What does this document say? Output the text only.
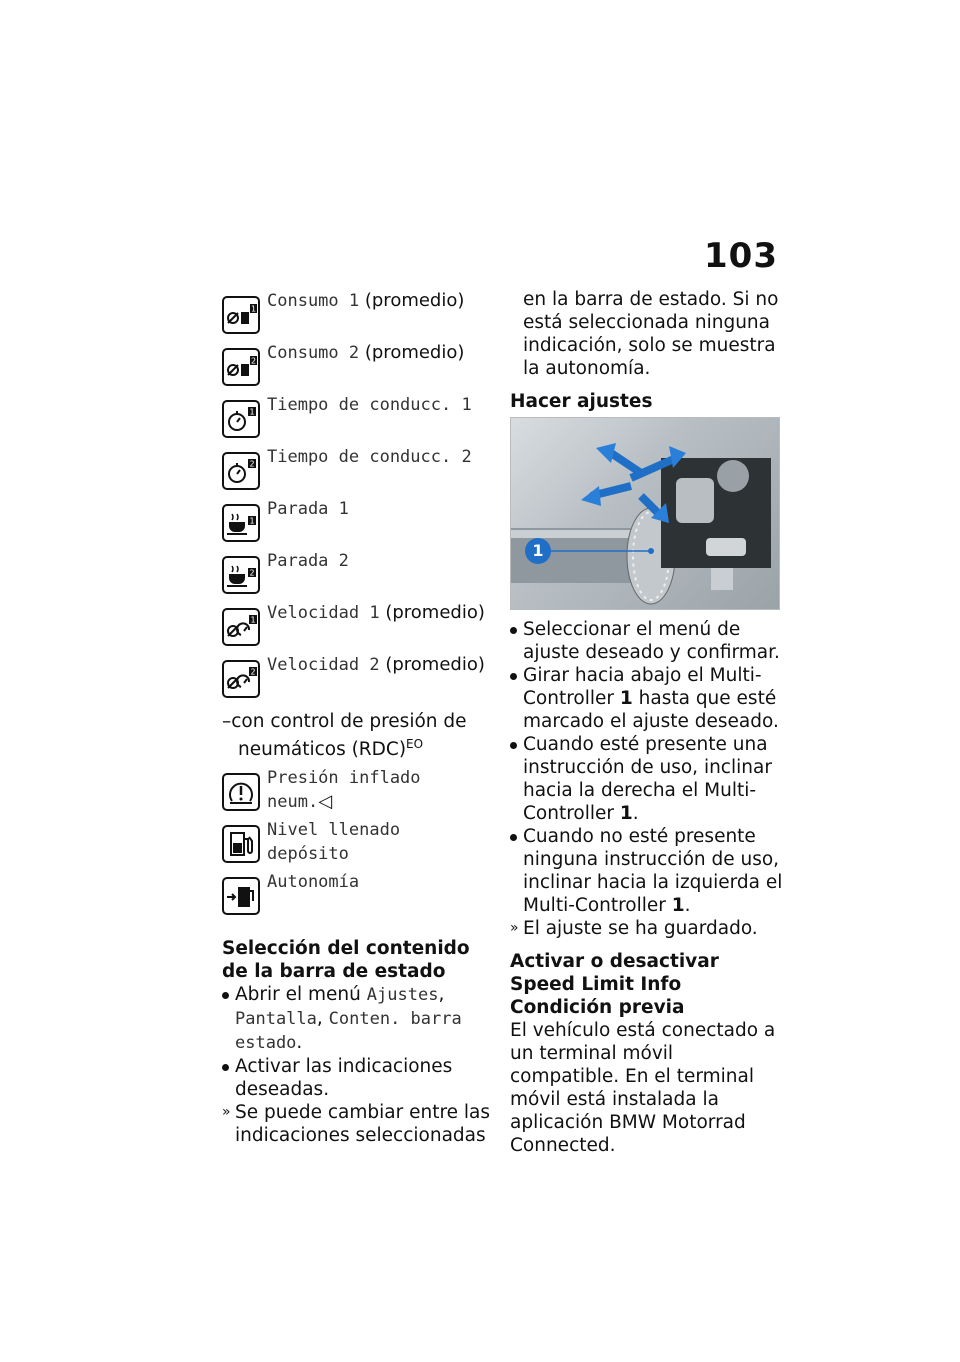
103
1 Consumo 1 (promedio)
2 Consumo 2 (promedio)
1 Tiempo de conducc. 1
2 Tiempo de conducc. 2
1
Parada 1
2
Parada 2
1 Velocidad 1 (promedio)
2 Velocidad 2 (promedio)
–con control de presión de neumáticos (RDC)$^{EO}$
Presión inflado neum.◁
Nivel llenado depósito
Autonomía
Selección del contenido de la barra de estado
Abrir el menú Ajustes, Pantalla, Conten. barra estado.
Activar las indicaciones deseadas.
» Se puede cambiar entre las indicaciones seleccionadas

en la barra de estado. Si no está seleccionada ninguna indicación, solo se muestra la autonomía.

Hacer ajustes
1
Seleccionar el menú de ajuste deseado y confirmar.
Girar hacia abajo el Multi-Controller 1 hasta que esté marcado el ajuste deseado.
Cuando esté presente una instrucción de uso, inclinar hacia la derecha el Multi-Controller 1.
Cuando no esté presente ninguna instrucción de uso, inclinar hacia la izquierda el Multi-Controller 1.
» El ajuste se ha guardado.
Activar o desactivar Speed Limit Info
Condición previa

El vehículo está conectado a un terminal móvil compatible. En el terminal móvil está instalada la aplicación BMW Motorrad Connected.
